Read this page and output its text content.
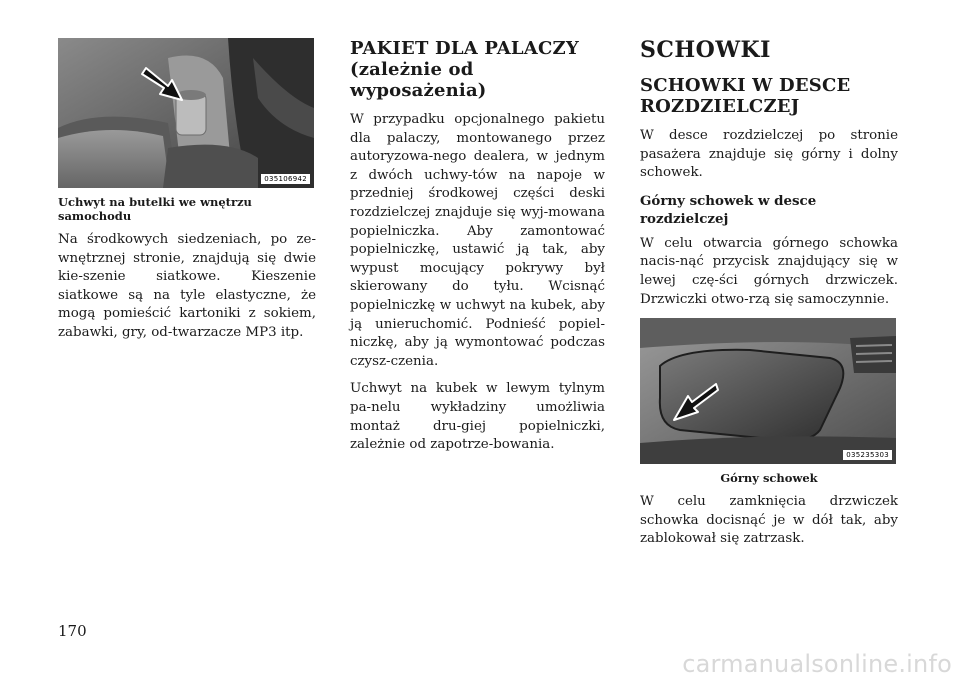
035106942
Uchwyt na butelki we wnętrzu samochodu

Na środkowych siedzeniach, po ze-wnętrznej stronie, znajdują się dwie kie-szenie siatkowe. Kieszenie siatkowe są na tyle elastyczne, że mogą pomieścić kartoniki z sokiem, zabawki, gry, od-twarzacze MP3 itp.

PAKIET DLA PALACZY
(zależnie od wyposażenia)

W przypadku opcjonalnego pakietu dla palaczy, montowanego przez autoryzowa-nego dealera, w jednym z dwóch uchwy-tów na napoje w przedniej środkowej części deski rozdzielczej znajduje się wyj-mowana popielniczka. Aby zamontować popielniczkę, ustawić ją tak, aby wypust mocujący pokrywy był skierowany do tyłu. Wcisnąć popielniczkę w uchwyt na kubek, aby ją unieruchomić. Podnieść popiel-niczkę, aby ją wymontować podczas czysz-czenia.

Uchwyt na kubek w lewym tylnym pa-nelu wykładziny umożliwia montaż dru-giej popielniczki, zależnie od zapotrze-bowania.

SCHOWKI
SCHOWKI W DESCE ROZDZIELCZEJ

W desce rozdzielczej po stronie pasażera znajduje się górny i dolny schowek.

Górny schowek w desce rozdzielczej

W celu otwarcia górnego schowka nacis-nąć przycisk znajdujący się w lewej czę-ści górnych drzwiczek. Drzwiczki otwo-rzą się samoczynnie.

035235303
Górny schowek

W celu zamknięcia drzwiczek schowka docisnąć je w dół tak, aby zablokował się zatrzask.

170
carmanualsonline.info
